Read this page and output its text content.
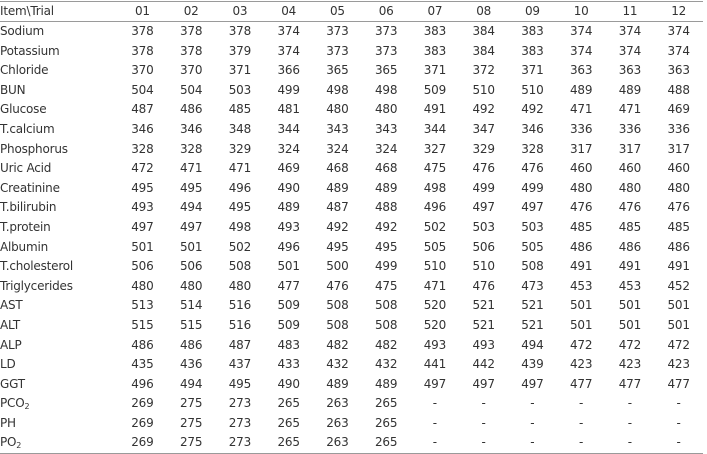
Item\Trial	01	02	03	04	05	06	07	08	09	10	11	12
Sodium	378	378	378	374	373	373	383	384	383	374	374	374
Potassium	378	378	379	374	373	373	383	384	383	374	374	374
Chloride	370	370	371	366	365	365	371	372	371	363	363	363
BUN	504	504	503	499	498	498	509	510	510	489	489	488
Glucose	487	486	485	481	480	480	491	492	492	471	471	469
T.calcium	346	346	348	344	343	343	344	347	346	336	336	336
Phosphorus	328	328	329	324	324	324	327	329	328	317	317	317
Uric Acid	472	471	471	469	468	468	475	476	476	460	460	460
Creatinine	495	495	496	490	489	489	498	499	499	480	480	480
T.bilirubin	493	494	495	489	487	488	496	497	497	476	476	476
T.protein	497	497	498	493	492	492	502	503	503	485	485	485
Albumin	501	501	502	496	495	495	505	506	505	486	486	486
T.cholesterol	506	506	508	501	500	499	510	510	508	491	491	491
Triglycerides	480	480	480	477	476	475	471	476	473	453	453	452
AST	513	514	516	509	508	508	520	521	521	501	501	501
ALT	515	515	516	509	508	508	520	521	521	501	501	501
ALP	486	486	487	483	482	482	493	493	494	472	472	472
LD	435	436	437	433	432	432	441	442	439	423	423	423
GGT	496	494	495	490	489	489	497	497	497	477	477	477
$PCO_2$	269	275	273	265	263	265	-	-	-	-	-	-
PH	269	275	273	265	263	265	-	-	-	-	-	-
$PO_2$	269	275	273	265	263	265	-	-	-	-	-	-
